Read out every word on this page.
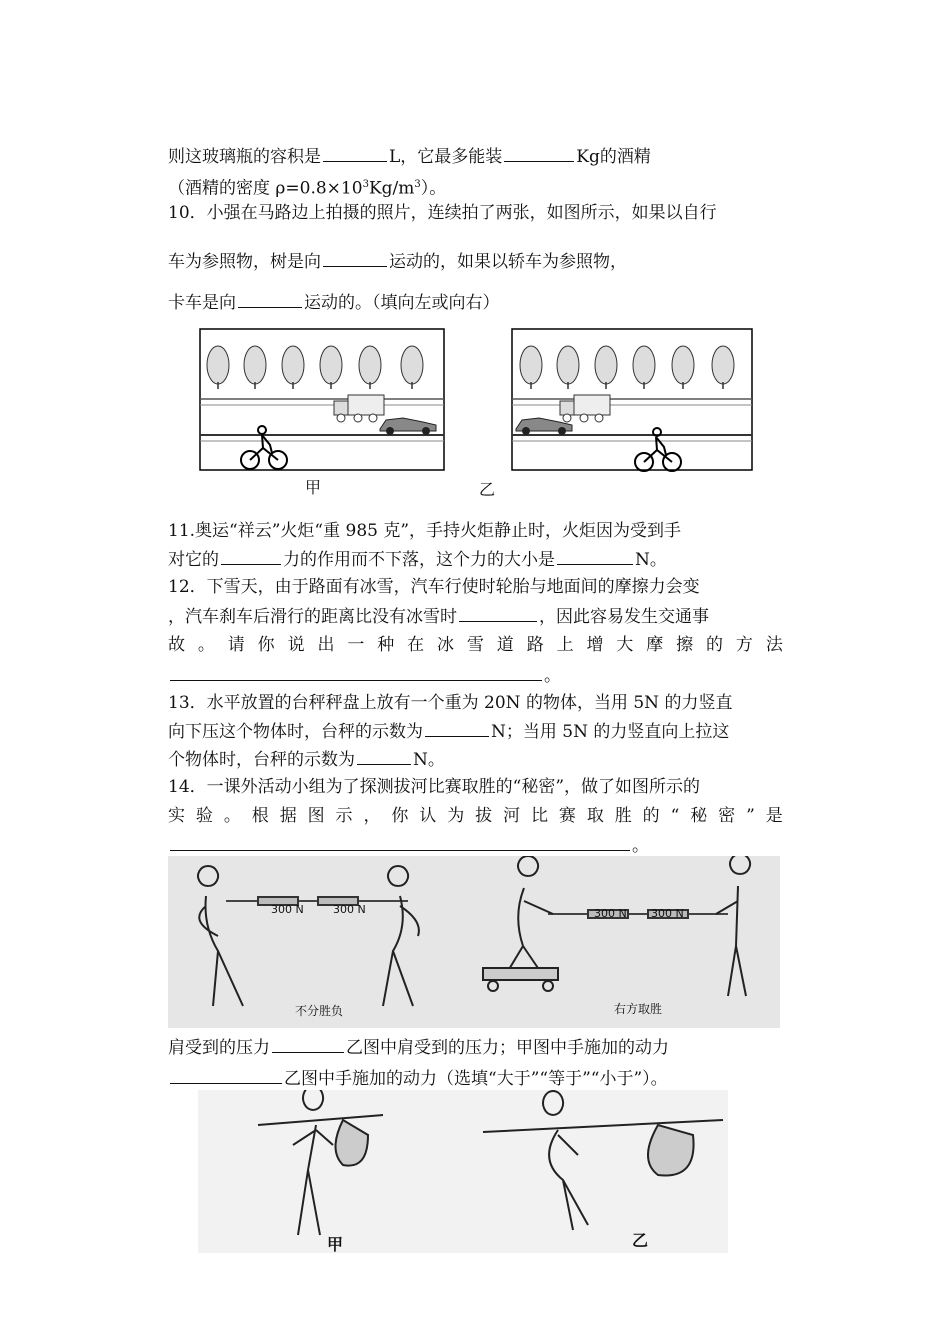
则这玻璃瓶的容积是	L，它最多能装	Kg的酒精
（酒精的密度 $\rho=0.8\times 10^3Kg/m^3$）。
10．小强在马路边上拍摄的照片，连续拍了两张，如图所示，如果以自行
车为参照物，树是向	运动的，如果以轿车为参照物，
卡车是向	运动的。（填向左或向右）
甲	乙
11.奥运“祥云”火炬“重 985 克”，手持火炬静止时，火炬因为受到手
对它的	力的作用而不下落，这个力的大小是	N。
12．下雪天，由于路面有冰雪，汽车行使时轮胎与地面间的摩擦力会变
，汽车刹车后滑行的距离比没有冰雪时	，因此容易发生交通事
故 。 请 你 说 出 一 种 在 冰 雪 道 路 上 增 大 摩 擦 的 方 法
。
13．水平放置的台秤秤盘上放有一个重为 20N 的物体，当用 5N 的力竖直
向下压这个物体时，台秤的示数为	N；当用 5N 的力竖直向上拉这
个物体时，台秤的示数为	N。
14．一课外活动小组为了探测拔河比赛取胜的“秘密”，做了如图所示的
实 验 。 根 据 图 示 ， 你 认 为 拔 河 比 赛 取 胜 的 “ 秘 密 ” 是
。
300 N	300 N
不分胜负
300 N 300 N
右方取胜
肩受到的压力	乙图中肩受到的压力；甲图中手施加的动力
乙图中手施加的动力（选填“大于”“等于”“小于”）。
甲	乙
